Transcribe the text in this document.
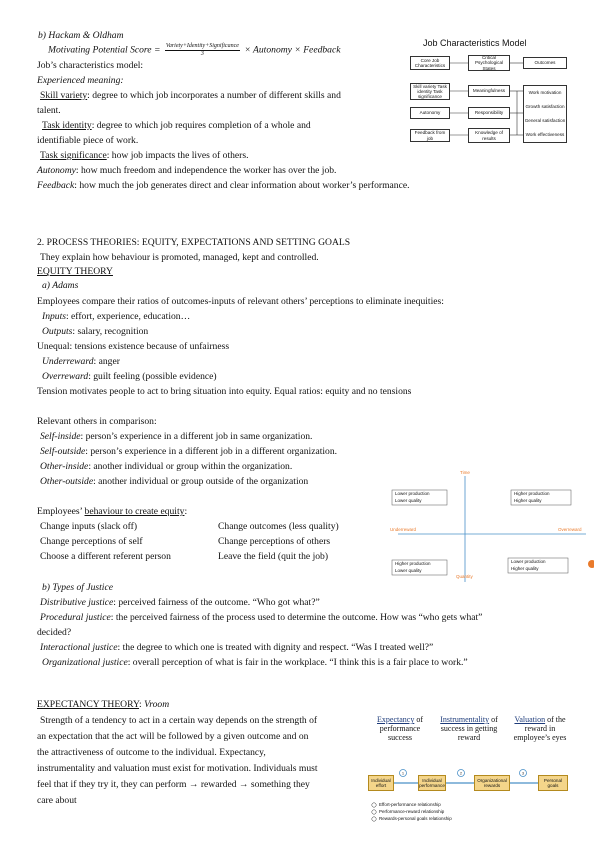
b) Hackam & Oldham
Motivating Potential Score = $\frac{\text{Variety+Identity+Significance}}{3}$ × Autonomy × Feedback
Job’s characteristics model:
Experienced meaning:
Skill variety: degree to which job incorporates a number of different skills and
talent.
Task identity: degree to which job requires completion of a whole and
identifiable piece of work.
Task significance: how job impacts the lives of others.
Autonomy: how much freedom and independence the worker has over the job.
Feedback: how much the job generates direct and clear information about worker’s performance.
Job Characteristics Model
Core Job Characteristics
Critical Psychological States
Outcomes
Skill variety Task identity Task significance
Meaningfulness
Autonomy	Responsibility
Feedback from job
Knowledge of results
Work motivation
Growth satisfaction
General satisfaction
Work effectiveness
2. PROCESS THEORIES: EQUITY, EXPECTATIONS AND SETTING GOALS
They explain how behaviour is promoted, managed, kept and controlled.
EQUITY THEORY
a) Adams
Employees compare their ratios of outcomes-inputs of relevant others’ perceptions to eliminate inequities:
Inputs: effort, experience, education…
Outputs: salary, recognition
Unequal: tensions existence because of unfairness
Underreward: anger
Overreward: guilt feeling (possible evidence)
Tension motivates people to act to bring situation into equity. Equal ratios: equity and no tensions
Relevant others in comparison:
Self-inside: person’s experience in a different job in same organization.
Self-outside: person’s experience in a different job in a different organization.
Other-inside: another individual or group within the organization.
Other-outside: another individual or group outside of the organization
Employees’ behaviour to create equity:
Change inputs (slack off)	Change outcomes (less quality)
Change perceptions of self	Change perceptions of others
Choose a different referent person	Leave the field (quit the job)
Time
Quantity
Underreward	Overreward
Lower production
Lower quality
Higher production
Higher quality
Higher production
Lower quality
Lower production
Higher quality
b) Types of Justice
Distributive justice: perceived fairness of the outcome. “Who got what?”
Procedural justice: the perceived fairness of the process used to determine the outcome. How was “who gets what”
decided?
Interactional justice: the degree to which one is treated with dignity and respect. “Was I treated well?”
Organizational justice: overall perception of what is fair in the workplace. “I think this is a fair place to work.”
EXPECTANCY THEORY: Vroom
Strength of a tendency to act in a certain way depends on the strength of
an expectation that the act will be followed by a given outcome and on
the attractiveness of outcome to the individual. Expectancy,
instrumentality and valuation must exist for motivation. Individuals must
feel that if they try it, they can perform → rewarded → something they
care about
Expectancy of performance success
Instrumentality of success in getting reward
Valuation of the reward in employee’s eyes
1	2	3
Individual effort
Individual performance
Organizational rewards
Personal goals
Effort-performance relationship
Performance-reward relationship
Rewards-personal goals relationship
